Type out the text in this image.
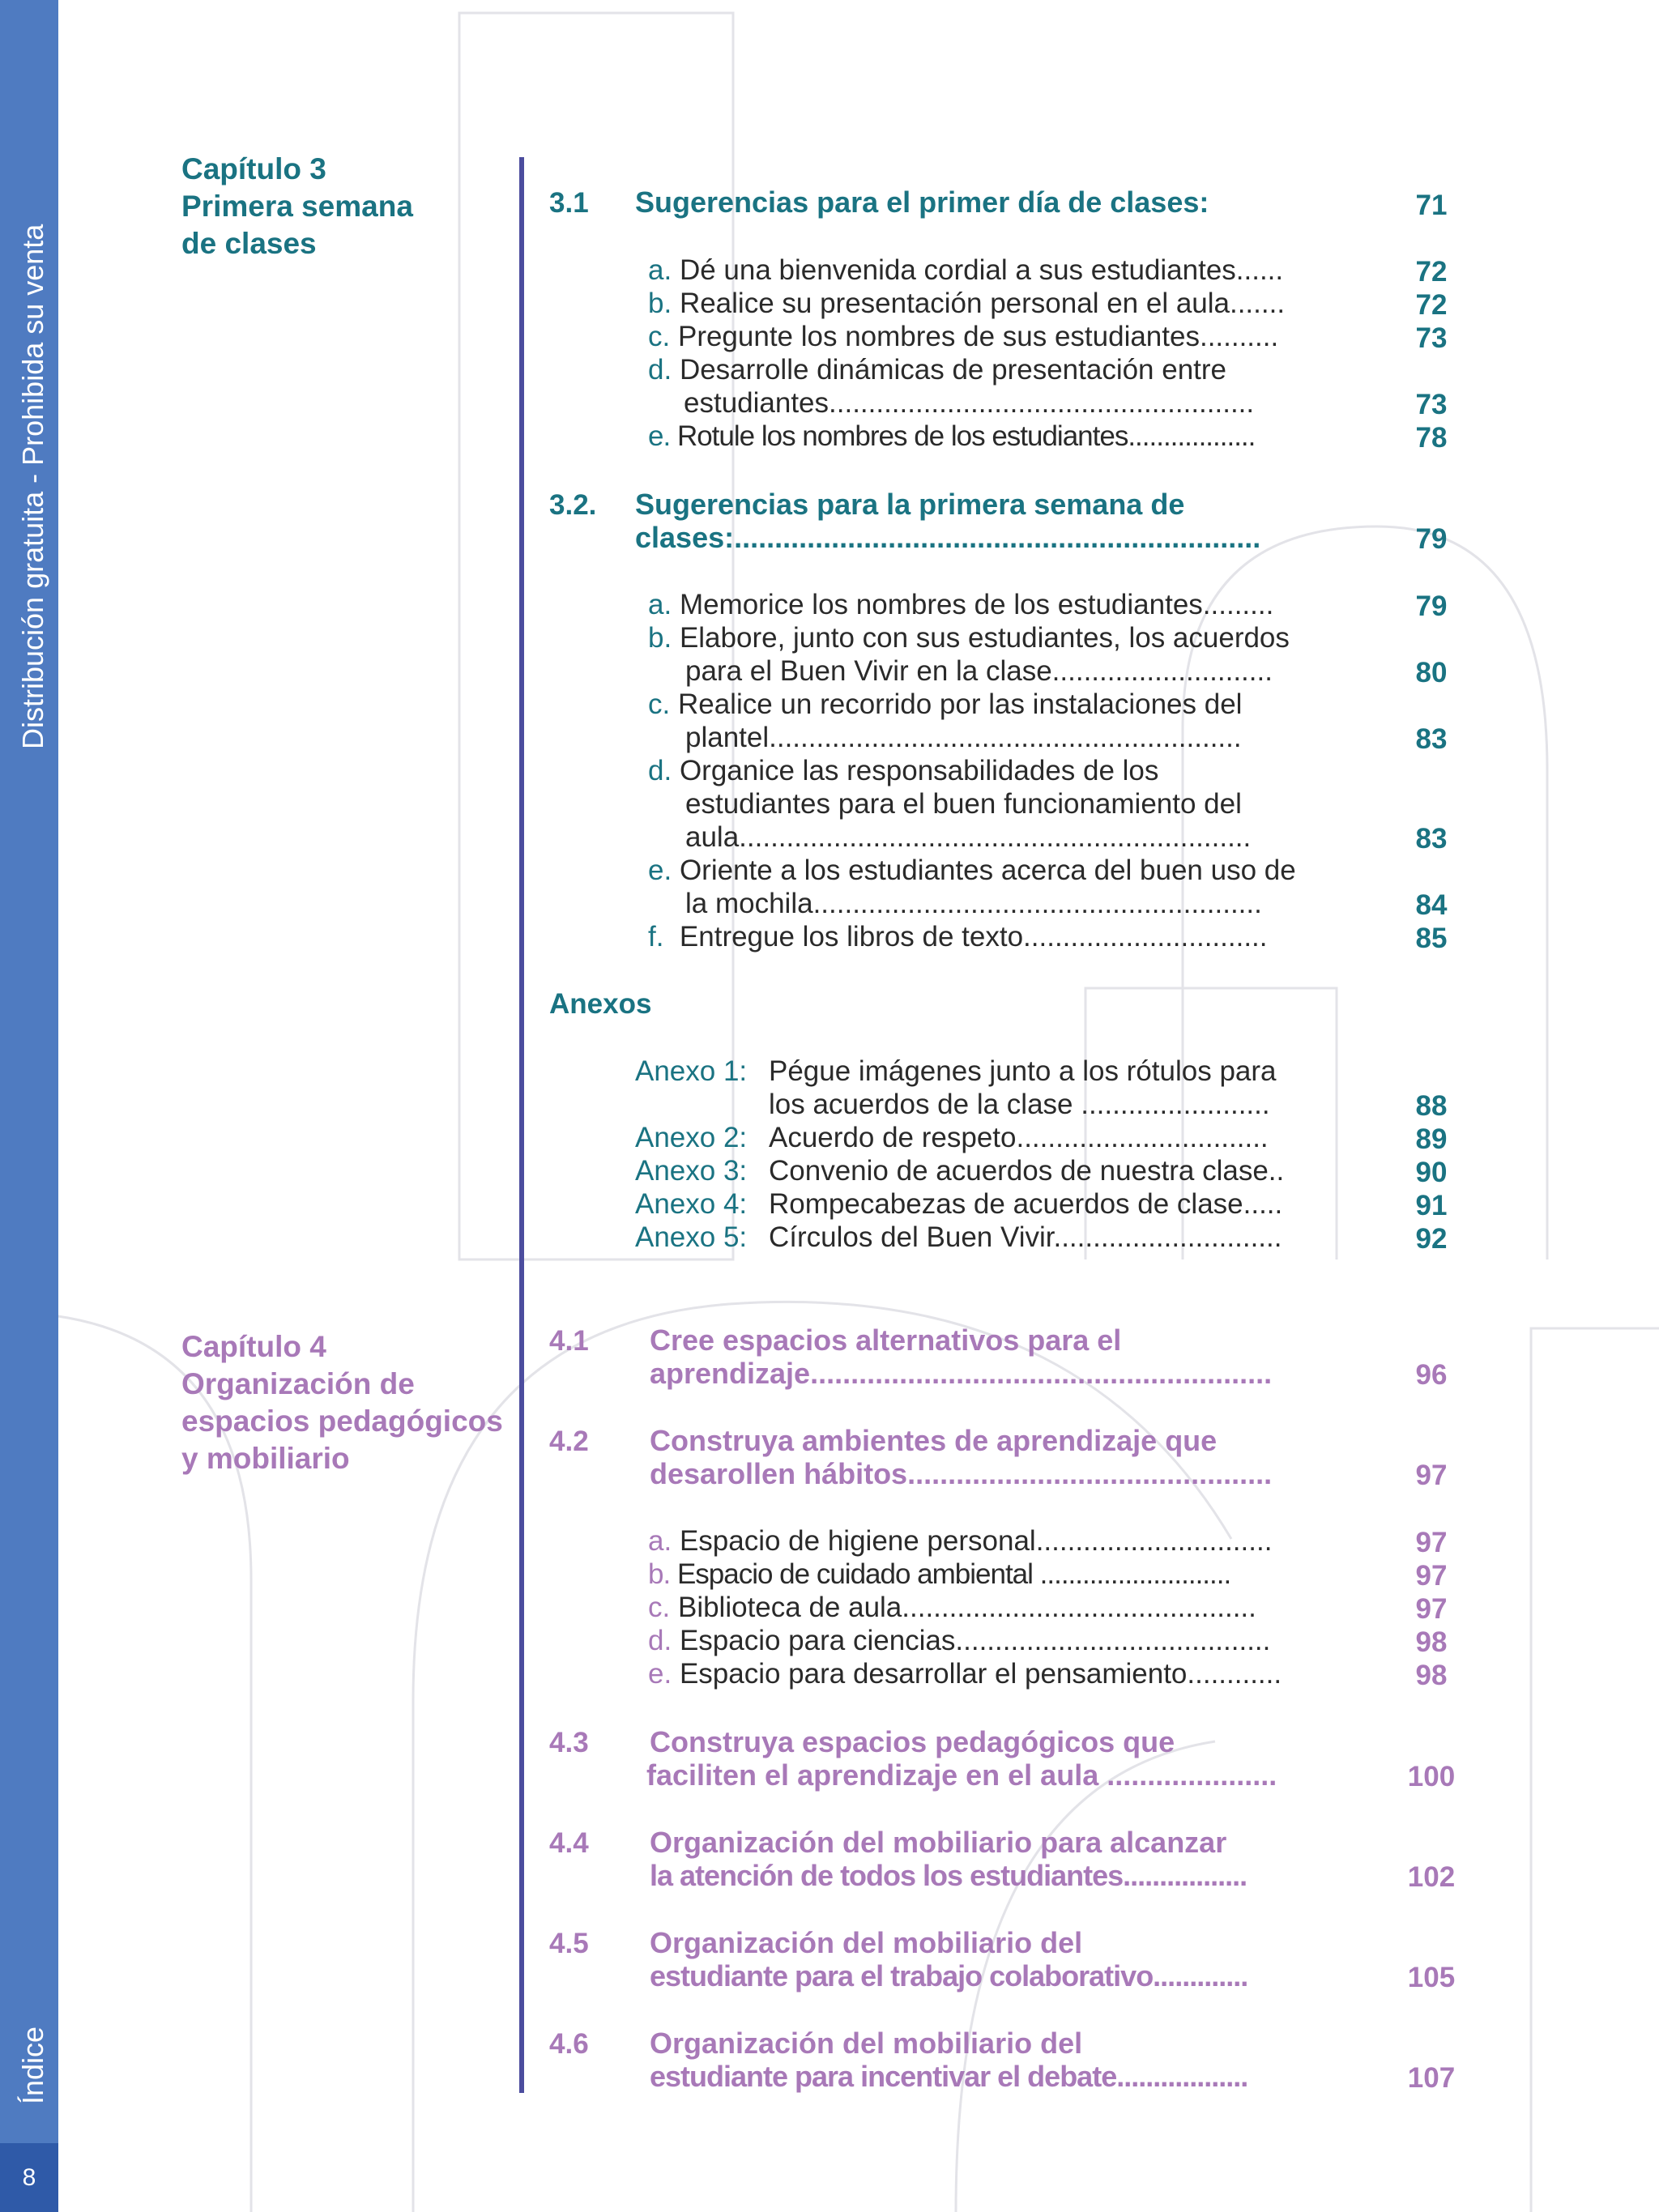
Distribución gratuita - Prohibida su venta
Índice
8
Capítulo 3
Primera semana
de clases
3.1 Sugerencias para el primer día de clases:	71
a. Dé una bienvenida cordial a sus estudiantes......	72
b. Realice su presentación personal en el aula.......	72
c. Pregunte los nombres de sus estudiantes..........	73
d. Desarrolle dinámicas de presentación entre
estudiantes......................................................	73
e. Rotule los nombres de los estudiantes..................	78
3.2. Sugerencias para la primera semana de
clases:.................................................................	79
a. Memorice los nombres de los estudiantes.........	79
b. Elabore, junto con sus estudiantes, los acuerdos
para el Buen Vivir en la clase............................	80
c. Realice un recorrido por las instalaciones del
plantel............................................................	83
d. Organice las responsabilidades de los
estudiantes para el buen funcionamiento del
aula.................................................................	83
e. Oriente a los estudiantes acerca del buen uso de
la mochila.........................................................	84
f. Entregue los libros de texto...............................	85
Anexos
Anexo 1: Pégue imágenes junto a los rótulos para
los acuerdos de la clase ........................	88
Anexo 2: Acuerdo de respeto................................	89
Anexo 3: Convenio de acuerdos de nuestra clase..	90
Anexo 4: Rompecabezas de acuerdos de clase.....	91
Anexo 5: Círculos del Buen Vivir.............................	92
Capítulo 4
Organización de
espacios pedagógicos
y mobiliario
4.1 Cree espacios alternativos para el
aprendizaje.........................................................	96
4.2 Construya ambientes de aprendizaje que
desarollen hábitos.............................................	97
a. Espacio de higiene personal..............................	97
b. Espacio de cuidado ambiental ...........................	97
c. Biblioteca de aula.............................................	97
d. Espacio para ciencias........................................	98
e. Espacio para desarrollar el pensamiento............	98
4.3 Construya espacios pedagógicos que
faciliten el aprendizaje en el aula .....................	100
4.4 Organización del mobiliario para alcanzar
la atención de todos los estudiantes.................	102
4.5 Organización del mobiliario del
estudiante para el trabajo colaborativo.............	105
4.6 Organización del mobiliario del
estudiante para incentivar el debate..................	107
